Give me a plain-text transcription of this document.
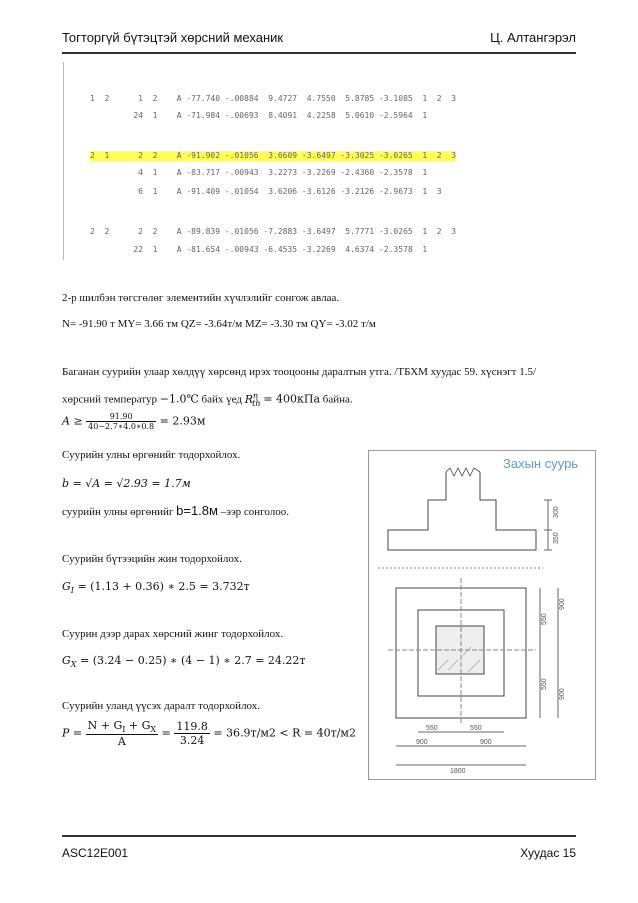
Тогторгүй бүтэцтэй хөрсний механик	Ц. Алтангэрэл
1  2      1  2    A -77.740 -.00884  9.4727  4.7550  5.8785 -3.1085  1  2  3
24  1    A -71.984 -.00693  8.4091  4.2258  5.0610 -2.5964  1
2  1      2  2    A -91.902 -.01056  3.6609 -3.6497 -3.3025 -3.0265  1  2  3
4  1    A -83.717 -.00943  3.2273 -3.2269 -2.4360 -2.3578  1
6  1    A -91.409 -.01054  3.6206 -3.6126 -3.2126 -2.9673  1  3
2  2      2  2    A -89.839 -.01056 -7.2883 -3.6497  5.7771 -3.0265  1  2  3
22  1    A -81.654 -.00943 -6.4535 -3.2269  4.6374 -2.3578  1
2-р шилбэн төгсгөлөг элементийн хүчлэлийг сонгож авлаа.
N= -91.90 т MY= 3.66 тм QZ= -3.64т/м MZ= -3.30 тм QY= -3.02 т/м
Баганан суурийн улаар хөлдүү хөрсөнд ирэх тооцооны даралтын утга. /ТБХМ хуудас 59. хүснэгт 1.5/
хөрсний температур −1.0℃ байх үед $R^n_{th} = 400кПа$ байна.
$A \ge \frac{91.90}{40-2.7∗4.0∗0.8} = 2.93м$
Суурийн улны өргөнийг тодорхойлох.
b = √A = √2.93 = 1.7м
суурийн улны өргөнийг b=1.8м –ээр сонголоо.
Суурийн бүтээцийн жин тодорхойлох.
$G_I = (1.13 + 0.36)$ ∗ 2.5 = 3.732т
Суурин дээр дарах хөрсний жинг тодорхойлох.
$G_X = (3.24 - 0.25)$ ∗ (4 − 1) ∗ 2.7 = 24.22т
Суурийн уланд үүсэх даралт тодорхойлох.
$P = \frac{N + G_I + G_X}{A} = \frac{119.8}{3.24} = 36.9т/м2 < R = 40т/м2$
Захын суурь
300
350
550
550
900
900
550	550
900	900
1800
ASC12E001	Хуудас 15
